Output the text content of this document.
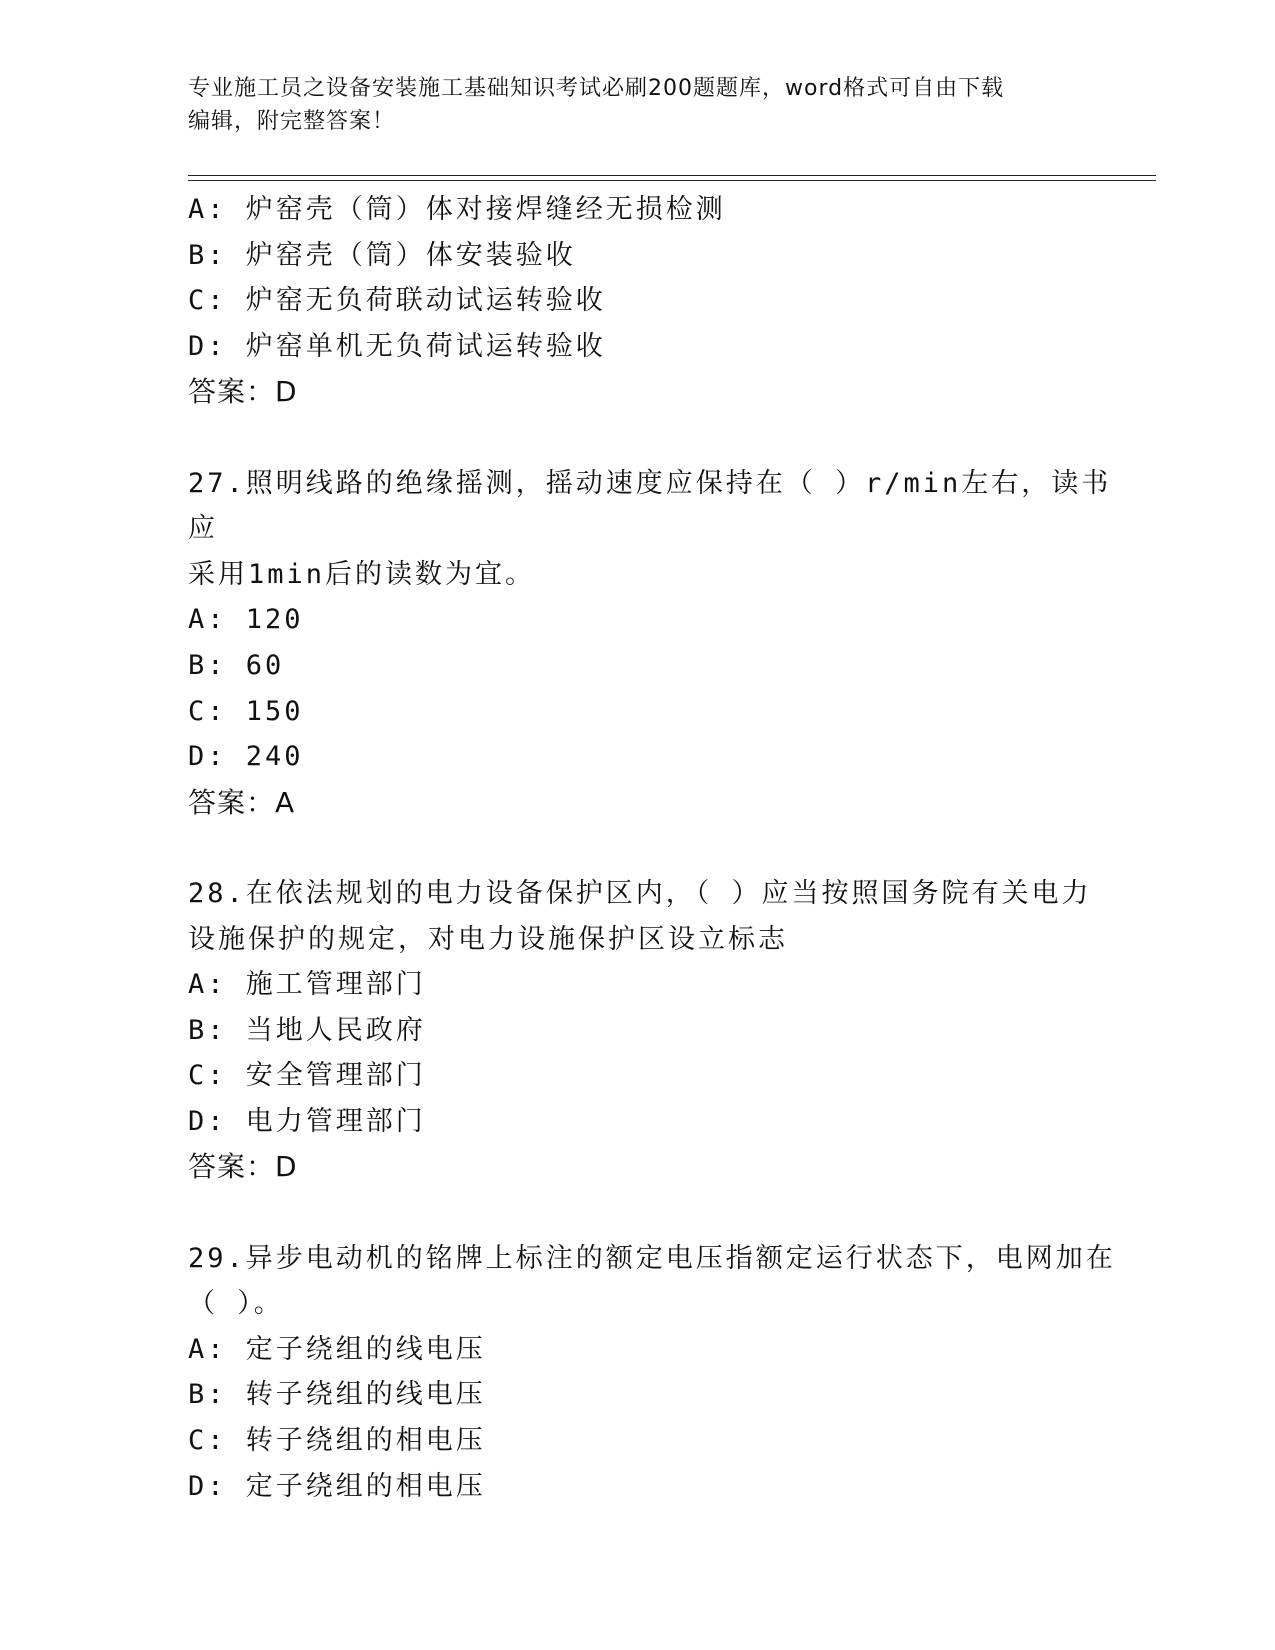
专业施工员之设备安装施工基础知识考试必刷200题题库，word格式可自由下载
编辑，附完整答案！
A: 炉窑壳（筒）体对接焊缝经无损检测
B: 炉窑壳（筒）体安装验收
C: 炉窑无负荷联动试运转验收
D: 炉窑单机无负荷试运转验收
答案：D
27.照明线路的绝缘摇测，摇动速度应保持在（ ）r/min左右，读书应
采用1min后的读数为宜。
A: 120
B: 60
C: 150
D: 240
答案：A
28.在依法规划的电力设备保护区内，（ ）应当按照国务院有关电力
设施保护的规定，对电力设施保护区设立标志
A: 施工管理部门
B: 当地人民政府
C: 安全管理部门
D: 电力管理部门
答案：D
29.异步电动机的铭牌上标注的额定电压指额定运行状态下，电网加在
（ ）。
A: 定子绕组的线电压
B: 转子绕组的线电压
C: 转子绕组的相电压
D: 定子绕组的相电压
